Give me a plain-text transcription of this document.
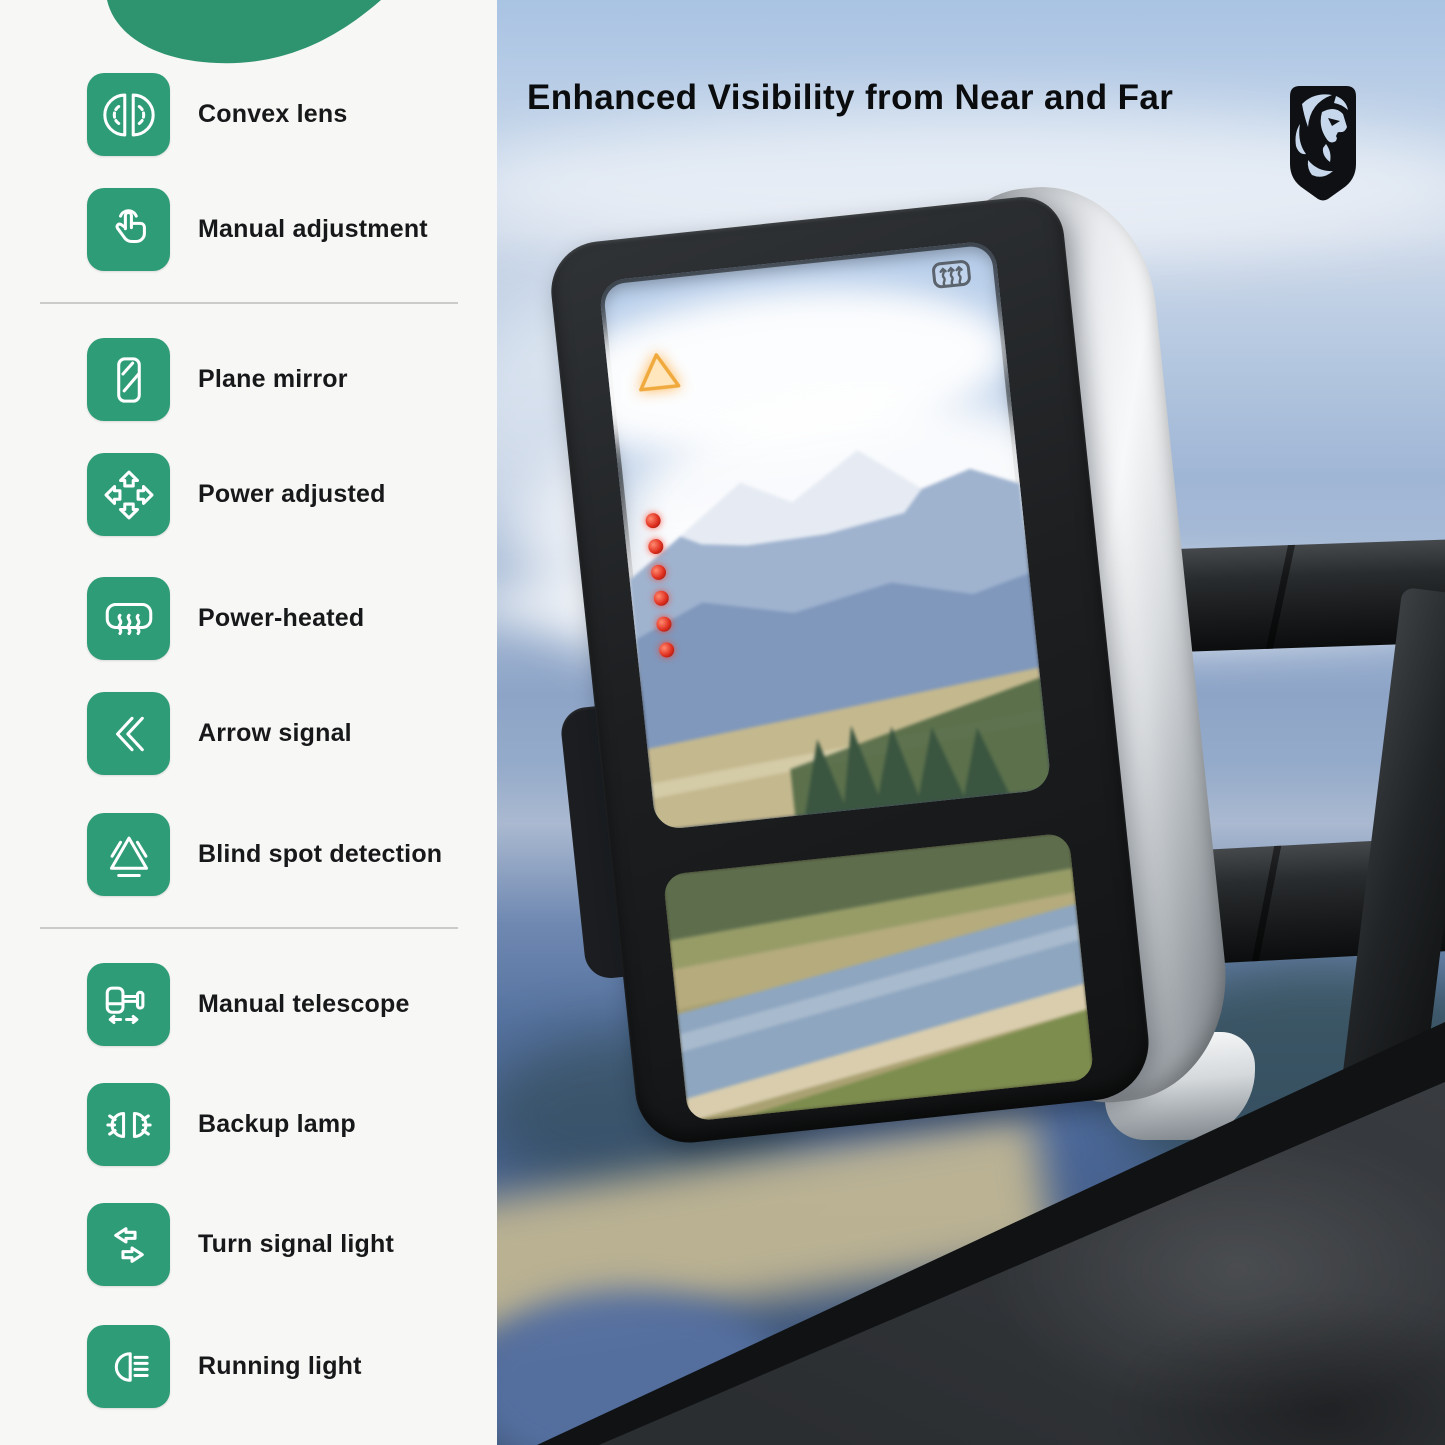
Convex lens
Manual adjustment
Plane mirror
Power adjusted
Power-heated
Arrow signal
Blind spot detection
Manual telescope
Backup lamp
Turn signal light
Running light
Enhanced Visibility from Near and Far
